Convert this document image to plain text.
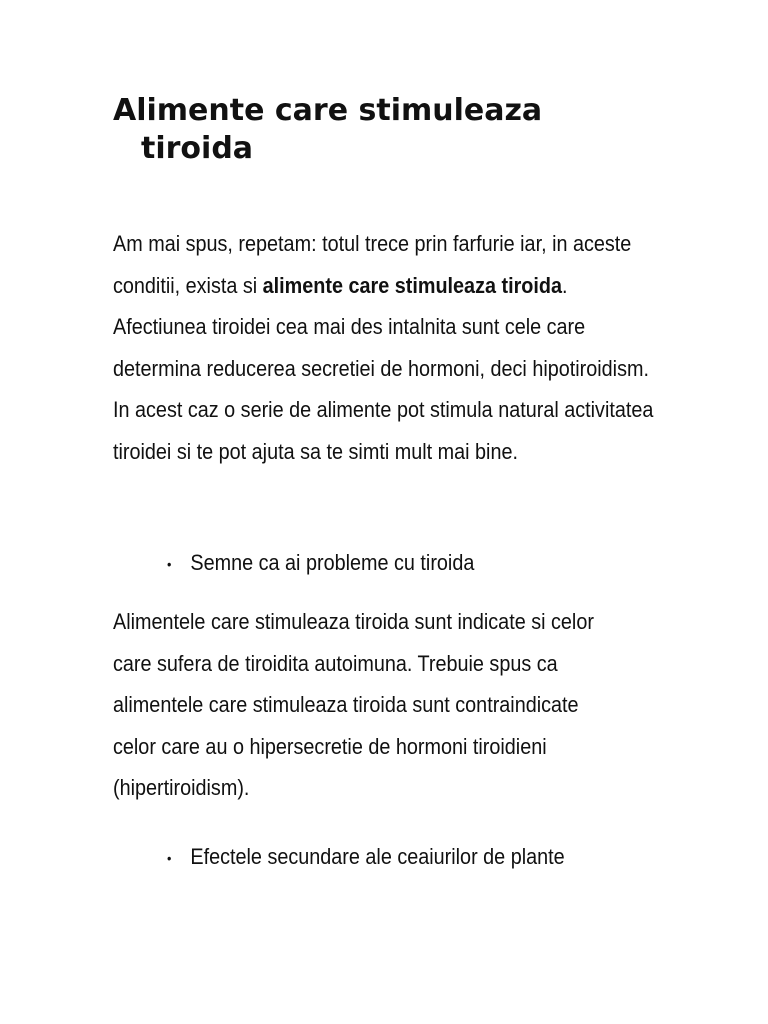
Alimente care stimuleaza
tiroida

Am mai spus, repetam: totul trece prin farfurie iar, in aceste conditii, exista si alimente care stimuleaza tiroida. Afectiunea tiroidei cea mai des intalnita sunt cele care determina reducerea secretiei de hormoni, deci hipotiroidism. In acest caz o serie de alimente pot stimula natural activitatea tiroidei si te pot ajuta sa te simti mult mai bine.

• Semne ca ai probleme cu tiroida

Alimentele care stimuleaza tiroida sunt indicate si celor care sufera de tiroidita autoimuna. Trebuie spus ca alimentele care stimuleaza tiroida sunt contraindicate celor care au o hipersecretie de hormoni tiroidieni (hipertiroidism).

• Efectele secundare ale ceaiurilor de plante
